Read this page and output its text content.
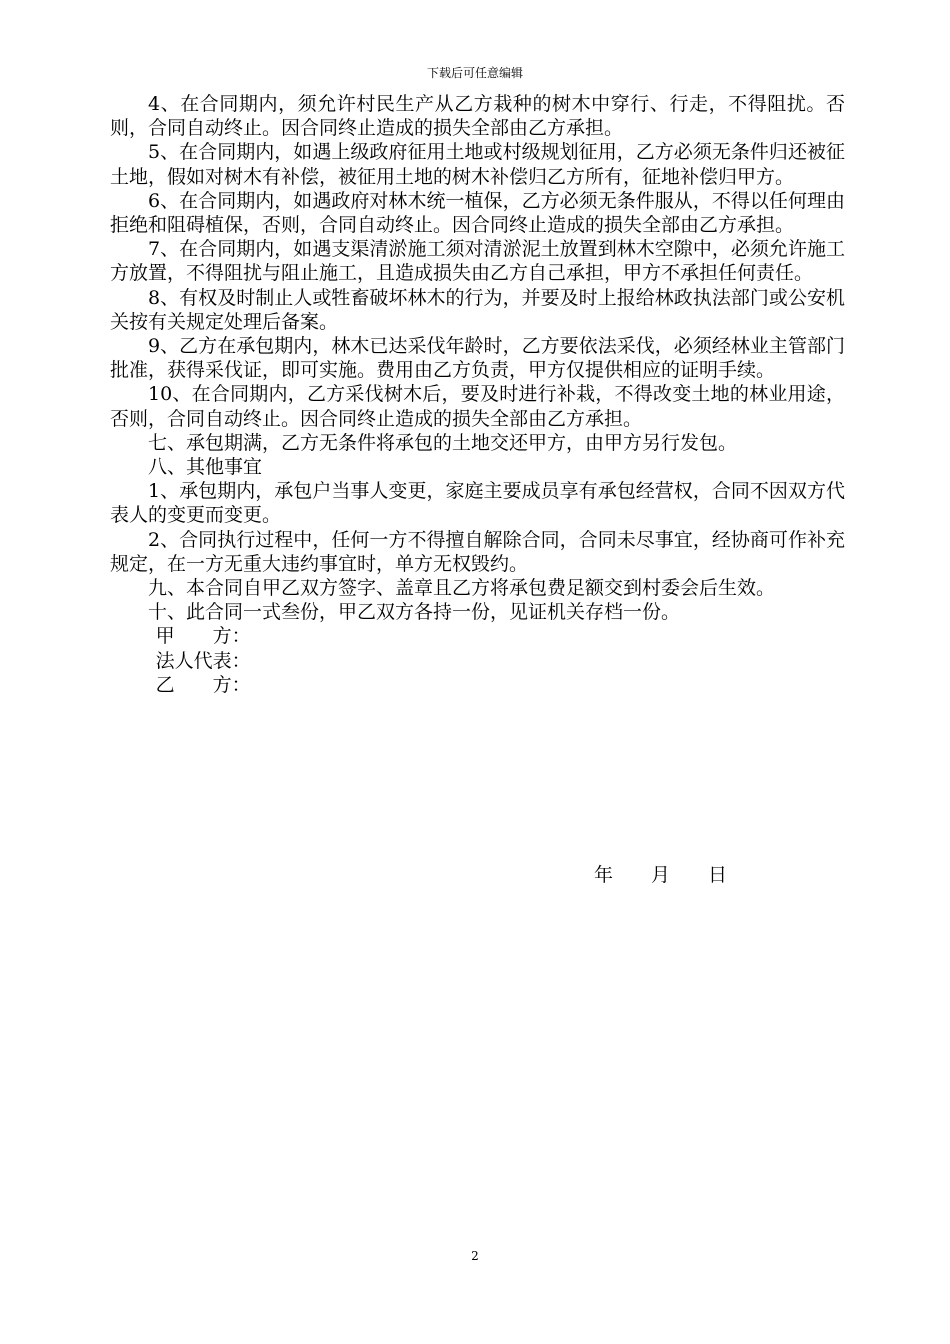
下载后可任意编辑

4、在合同期内，须允许村民生产从乙方栽种的树木中穿行、行走，不得阻扰。否则，合同自动终止。因合同终止造成的损失全部由乙方承担。

5、在合同期内，如遇上级政府征用土地或村级规划征用，乙方必须无条件归还被征土地，假如对树木有补偿，被征用土地的树木补偿归乙方所有，征地补偿归甲方。

6、在合同期内，如遇政府对林木统一植保，乙方必须无条件服从，不得以任何理由拒绝和阻碍植保，否则，合同自动终止。因合同终止造成的损失全部由乙方承担。

7、在合同期内，如遇支渠清淤施工须对清淤泥土放置到林木空隙中，必须允许施工方放置，不得阻扰与阻止施工，且造成损失由乙方自己承担，甲方不承担任何责任。

8、有权及时制止人或牲畜破坏林木的行为，并要及时上报给林政执法部门或公安机关按有关规定处理后备案。

9、乙方在承包期内，林木已达采伐年龄时，乙方要依法采伐，必须经林业主管部门批准，获得采伐证，即可实施。费用由乙方负责，甲方仅提供相应的证明手续。

10、在合同期内，乙方采伐树木后，要及时进行补栽，不得改变土地的林业用途，否则，合同自动终止。因合同终止造成的损失全部由乙方承担。

七、承包期满，乙方无条件将承包的土地交还甲方，由甲方另行发包。

八、其他事宜

1、承包期内，承包户当事人变更，家庭主要成员享有承包经营权，合同不因双方代表人的变更而变更。

2、合同执行过程中，任何一方不得擅自解除合同，合同未尽事宜，经协商可作补充规定，在一方无重大违约事宜时，单方无权毁约。

九、本合同自甲乙双方签字、盖章且乙方将承包费足额交到村委会后生效。

十、此合同一式叁份，甲乙双方各持一份，见证机关存档一份。

甲　　方：

法人代表：

乙　　方：

年　　月　　日
2
